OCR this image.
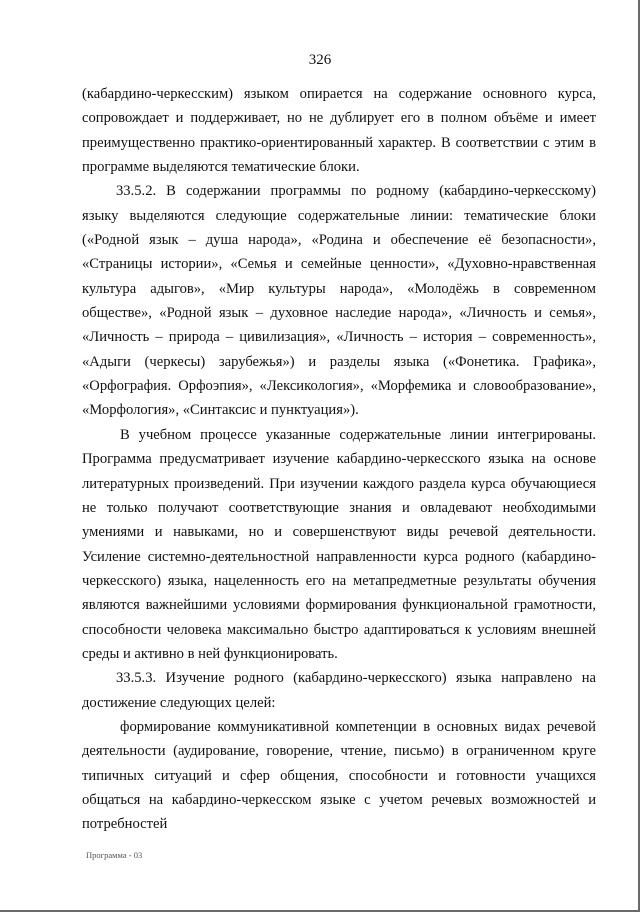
326

(кабардино-черкесским) языком опирается на содержание основного курса, сопровождает и поддерживает, но не дублирует его в полном объёме и имеет преимущественно практико-ориентированный характер. В соответствии с этим в программе выделяются тематические блоки.

33.5.2. В содержании программы по родному (кабардино-черкесскому) языку выделяются следующие содержательные линии: тематические блоки («Родной язык – душа народа», «Родина и обеспечение её безопасности», «Страницы истории», «Семья и семейные ценности», «Духовно-нравственная культура адыгов», «Мир культуры народа», «Молодёжь в современном обществе», «Родной язык – духовное наследие народа», «Личность и семья», «Личность – природа – цивилизация», «Личность – история – современность», «Адыги (черкесы) зарубежья») и разделы языка («Фонетика. Графика», «Орфография. Орфоэпия», «Лексикология», «Морфемика и словообразование», «Морфология», «Синтаксис и пунктуация»).

В учебном процессе указанные содержательные линии интегрированы. Программа предусматривает изучение кабардино-черкесского языка на основе литературных произведений. При изучении каждого раздела курса обучающиеся не только получают соответствующие знания и овладевают необходимыми умениями и навыками, но и совершенствуют виды речевой деятельности. Усиление системно-деятельностной направленности курса родного (кабардино-черкесского) языка, нацеленность его на метапредметные результаты обучения являются важнейшими условиями формирования функциональной грамотности, способности человека максимально быстро адаптироваться к условиям внешней среды и активно в ней функционировать.

33.5.3. Изучение родного (кабардино-черкесского) языка направлено на достижение следующих целей:

формирование коммуникативной компетенции в основных видах речевой деятельности (аудирование, говорение, чтение, письмо) в ограниченном круге типичных ситуаций и сфер общения, способности и готовности учащихся общаться на кабардино-черкесском языке с учетом речевых возможностей и потребностей

Программа - 03
